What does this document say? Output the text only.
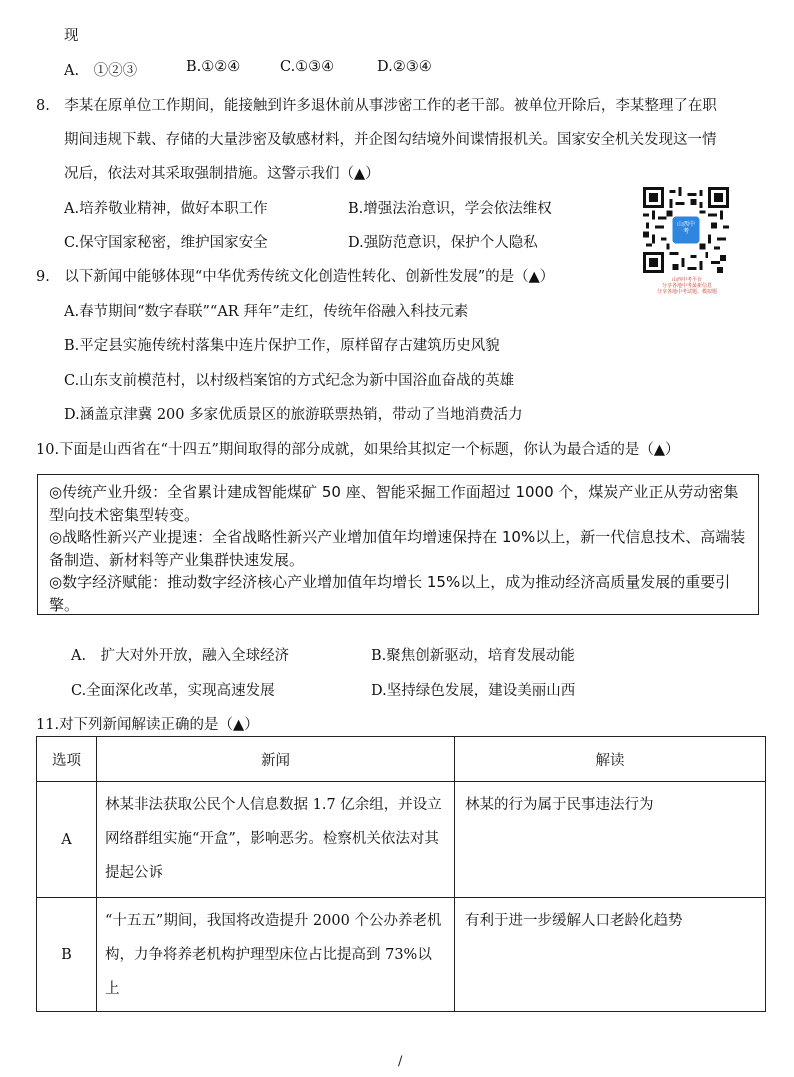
现
A.　①②③	B.①②④	C.①③④	D.②③④
8.　李某在原单位工作期间，能接触到许多退休前从事涉密工作的老干部。被单位开除后，李某整理了在职
期间违规下载、存储的大量涉密及敏感材料，并企图勾结境外间谍情报机关。国家安全机关发现这一情
况后，依法对其采取强制措施。这警示我们（▲）
A.培养敬业精神，做好本职工作	B.增强法治意识，学会依法维权
C.保守国家秘密，维护国家安全	D.强防范意识，保护个人隐私
山西中考
山西中考平台
分享各地中考最新信息
分享各地中考试题、模拟题
9.　以下新闻中能够体现“中华优秀传统文化创造性转化、创新性发展”的是（▲）
A.春节期间“数字春联”“AR 拜年”走红，传统年俗融入科技元素
B.平定县实施传统村落集中连片保护工作，原样留存古建筑历史风貌
C.山东支前模范村，以村级档案馆的方式纪念为新中国浴血奋战的英雄
D.涵盖京津冀 200 多家优质景区的旅游联票热销，带动了当地消费活力
10.下面是山西省在“十四五”期间取得的部分成就，如果给其拟定一个标题，你认为最合适的是（▲）

◎传统产业升级：全省累计建成智能煤矿 50 座、智能采掘工作面超过 1000 个，煤炭产业正从劳动密集型向技术密集型转变。

◎战略性新兴产业提速：全省战略性新兴产业增加值年均增速保持在 10%以上，新一代信息技术、高端装备制造、新材料等产业集群快速发展。

◎数字经济赋能：推动数字经济核心产业增加值年均增长 15%以上，成为推动经济高质量发展的重要引擎。

A.　扩大对外开放，融入全球经济	B.聚焦创新驱动，培育发展动能
C.全面深化改革，实现高速发展	D.坚持绿色发展，建设美丽山西
11.对下列新闻解读正确的是（▲）
选项	新闻	解读
A	林某非法获取公民个人信息数据 1.7 亿余组，并设立网络群组实施“开盒”，影响恶劣。检察机关依法对其提起公诉	林某的行为属于民事违法行为
B	“十五五”期间，我国将改造提升 2000 个公办养老机构，力争将养老机构护理型床位占比提高到 73%以上	有利于进一步缓解人口老龄化趋势
/
